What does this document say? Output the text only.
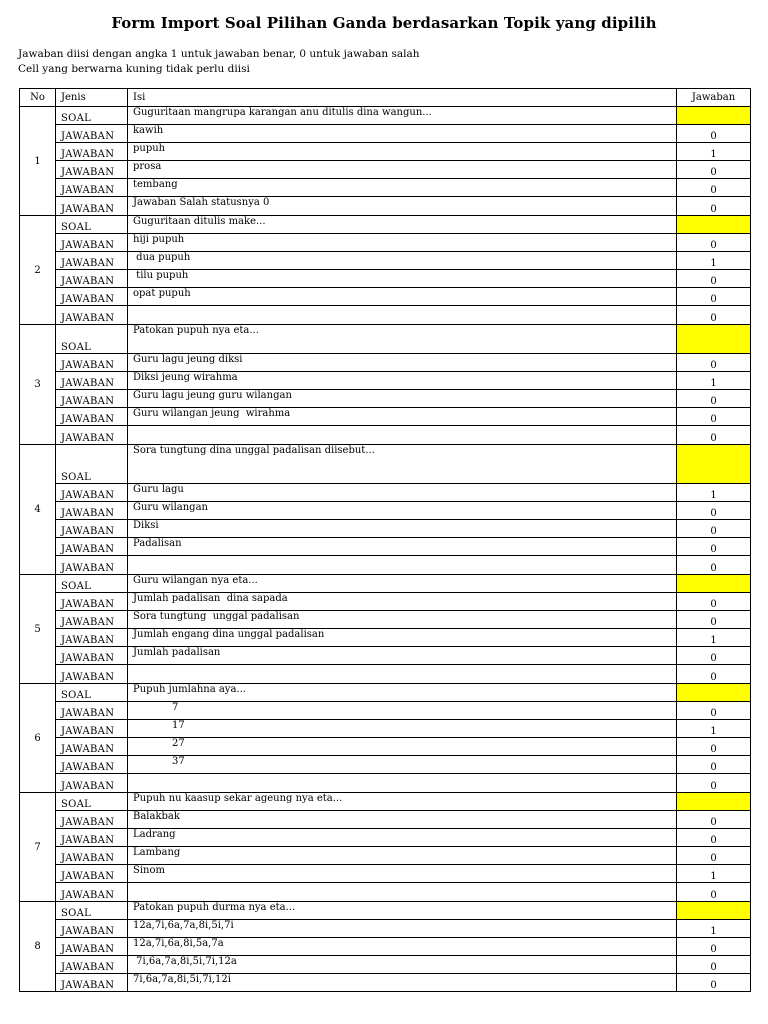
Form Import Soal Pilihan Ganda berdasarkan Topik yang dipilih
Jawaban diisi dengan angka 1 untuk jawaban benar, 0 untuk jawaban salah
Cell yang berwarna kuning tidak perlu diisi
No	Jenis	Isi	Jawaban
1	SOAL	Guguritaan mangrupa karangan anu ditulis dina wangun...	
	JAWABAN	kawih	0
	JAWABAN	pupuh	1
	JAWABAN	prosa	0
	JAWABAN	tembang	0
	JAWABAN	Jawaban Salah statusnya 0	0
2	SOAL	Guguritaan ditulis make...	
	JAWABAN	hiji pupuh	0
	JAWABAN	dua pupuh	1
	JAWABAN	tilu pupuh	0
	JAWABAN	opat pupuh	0
	JAWABAN		0
3	SOAL	Patokan pupuh nya eta...	
	JAWABAN	Guru lagu jeung diksi	0
	JAWABAN	Diksi jeung wirahma	1
	JAWABAN	Guru lagu jeung guru wilangan	0
	JAWABAN	Guru wilangan jeung  wirahma	0
	JAWABAN		0
4	SOAL	Sora tungtung dina unggal padalisan diisebut...	
	JAWABAN	Guru lagu	1
	JAWABAN	Guru wilangan	0
	JAWABAN	Diksi	0
	JAWABAN	Padalisan	0
	JAWABAN		0
5	SOAL	Guru wilangan nya eta...	
	JAWABAN	Jumlah padalisan  dina sapada	0
	JAWABAN	Sora tungtung  unggal padalisan	0
	JAWABAN	Jumlah engang dina unggal padalisan	1
	JAWABAN	Jumlah padalisan	0
	JAWABAN		0
6	SOAL	Pupuh jumlahna aya...	
	JAWABAN	7	0
	JAWABAN	17	1
	JAWABAN	27	0
	JAWABAN	37	0
	JAWABAN		0
7	SOAL	Pupuh nu kaasup sekar ageung nya eta...	
	JAWABAN	Balakbak	0
	JAWABAN	Ladrang	0
	JAWABAN	Lambang	0
	JAWABAN	Sinom	1
	JAWABAN		0
8	SOAL	Patokan pupuh durma nya eta...	
	JAWABAN	12a,7i,6a,7a,8i,5i,7i	1
	JAWABAN	12a,7i,6a,8i,5a,7a	0
	JAWABAN	7i,6a,7a,8i,5i,7i,12a	0
	JAWABAN	7i,6a,7a,8i,5i,7i,12i	0
